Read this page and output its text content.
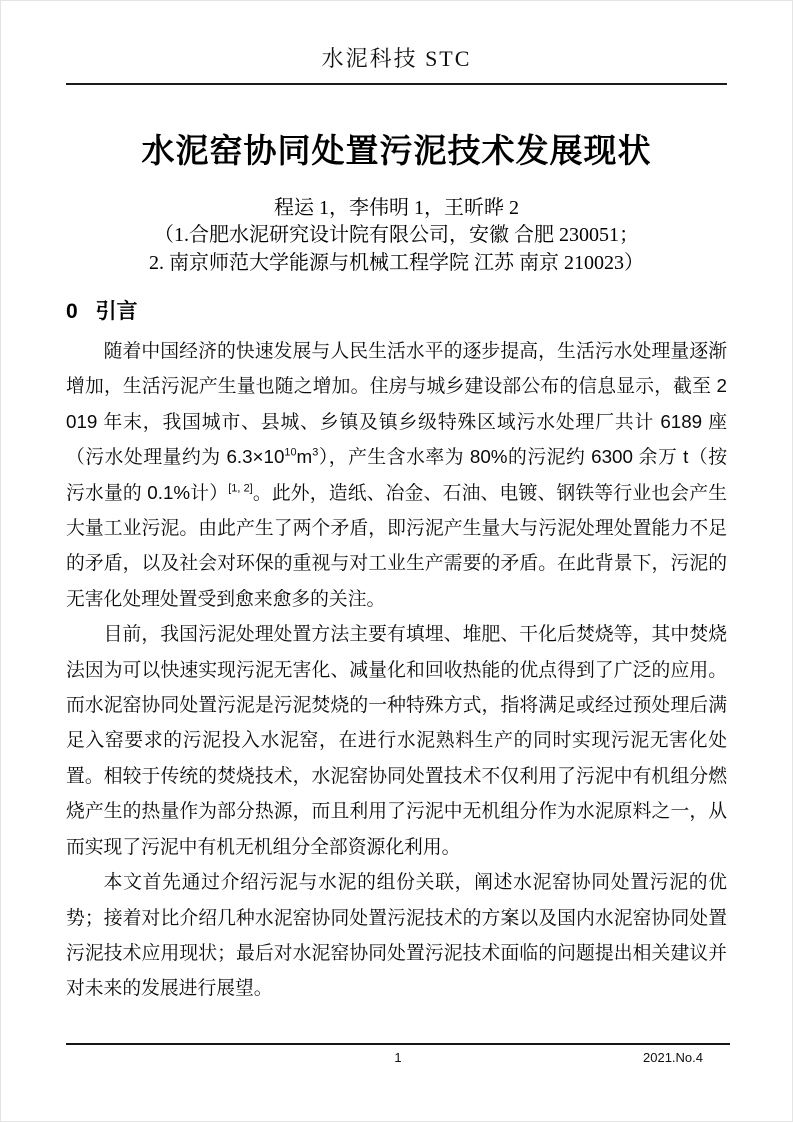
水泥科技 STC
水泥窑协同处置污泥技术发展现状

程运 1，李伟明 1，王昕晔 2

（1.合肥水泥研究设计院有限公司，安徽 合肥 230051；

2. 南京师范大学能源与机械工程学院 江苏 南京 210023）

0 引言

随着中国经济的快速发展与人民生活水平的逐步提高，生活污水处理量逐渐增加，生活污泥产生量也随之增加。住房与城乡建设部公布的信息显示，截至 2019 年末，我国城市、县城、乡镇及镇乡级特殊区域污水处理厂共计 6189 座（污水处理量约为 $6.3\times 10^{10}m^3$），产生含水率为 80%的污泥约 6300 余万 t（按污水量的 0.1%计）[1, 2]。此外，造纸、冶金、石油、电镀、钢铁等行业也会产生大量工业污泥。由此产生了两个矛盾，即污泥产生量大与污泥处理处置能力不足的矛盾，以及社会对环保的重视与对工业生产需要的矛盾。在此背景下，污泥的无害化处理处置受到愈来愈多的关注。

目前，我国污泥处理处置方法主要有填埋、堆肥、干化后焚烧等，其中焚烧法因为可以快速实现污泥无害化、减量化和回收热能的优点得到了广泛的应用。而水泥窑协同处置污泥是污泥焚烧的一种特殊方式，指将满足或经过预处理后满足入窑要求的污泥投入水泥窑，在进行水泥熟料生产的同时实现污泥无害化处置。相较于传统的焚烧技术，水泥窑协同处置技术不仅利用了污泥中有机组分燃烧产生的热量作为部分热源，而且利用了污泥中无机组分作为水泥原料之一，从而实现了污泥中有机无机组分全部资源化利用。

本文首先通过介绍污泥与水泥的组份关联，阐述水泥窑协同处置污泥的优势；接着对比介绍几种水泥窑协同处置污泥技术的方案以及国内水泥窑协同处置污泥技术应用现状；最后对水泥窑协同处置污泥技术面临的问题提出相关建议并对未来的发展进行展望。

1	2021.No.4
